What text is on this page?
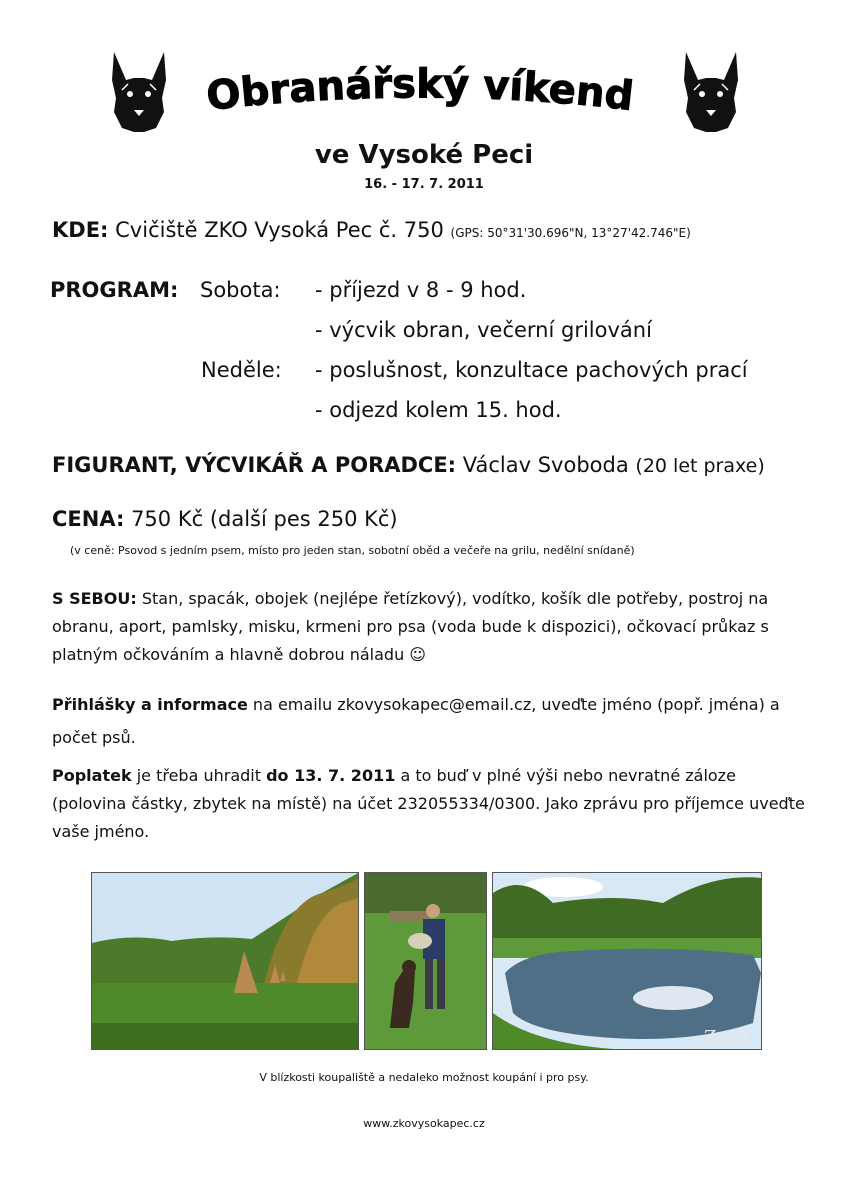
Obranářský víkend
ve Vysoké Peci
16. - 17. 7. 2011
KDE: Cvičiště ZKO Vysoká Pec č. 750 (GPS: 50°31'30.696"N, 13°27'42.746"E)
PROGRAM: Sobota: - příjezd v 8 - 9 hod.
- výcvik obran, večerní grilování
Neděle: - poslušnost, konzultace pachových prací
- odjezd kolem 15. hod.
FIGURANT, VÝCVIKÁŘ A PORADCE: Václav Svoboda (20 let praxe)
CENA: 750 Kč (další pes 250 Kč)
(v ceně: Psovod s jedním psem, místo pro jeden stan, sobotní oběd a večeře na grilu, nedělní snídaně)
S SEBOU: Stan, spacák, obojek (nejlépe řetízkový), vodítko, košík dle potřeby, postroj na obranu, aport, pamlsky, misku, krmeni pro psa (voda bude k dispozici), očkovací průkaz s platným očkováním a hlavně dobrou náladu ☺
Přihlášky a informace na emailu zkovysokapec@email.cz, uveďte jméno (popř. jména) a počet psů.
Poplatek je třeba uhradit do 13. 7. 2011 a to buď v plné výši nebo nevratné záloze (polovina částky, zbytek na místě) na účet 232055334/0300. Jako zprávu pro příjemce uveďte vaše jméno.
Zevit
V blízkosti koupaliště a nedaleko možnost koupání i pro psy.
www.zkovysokapec.cz
